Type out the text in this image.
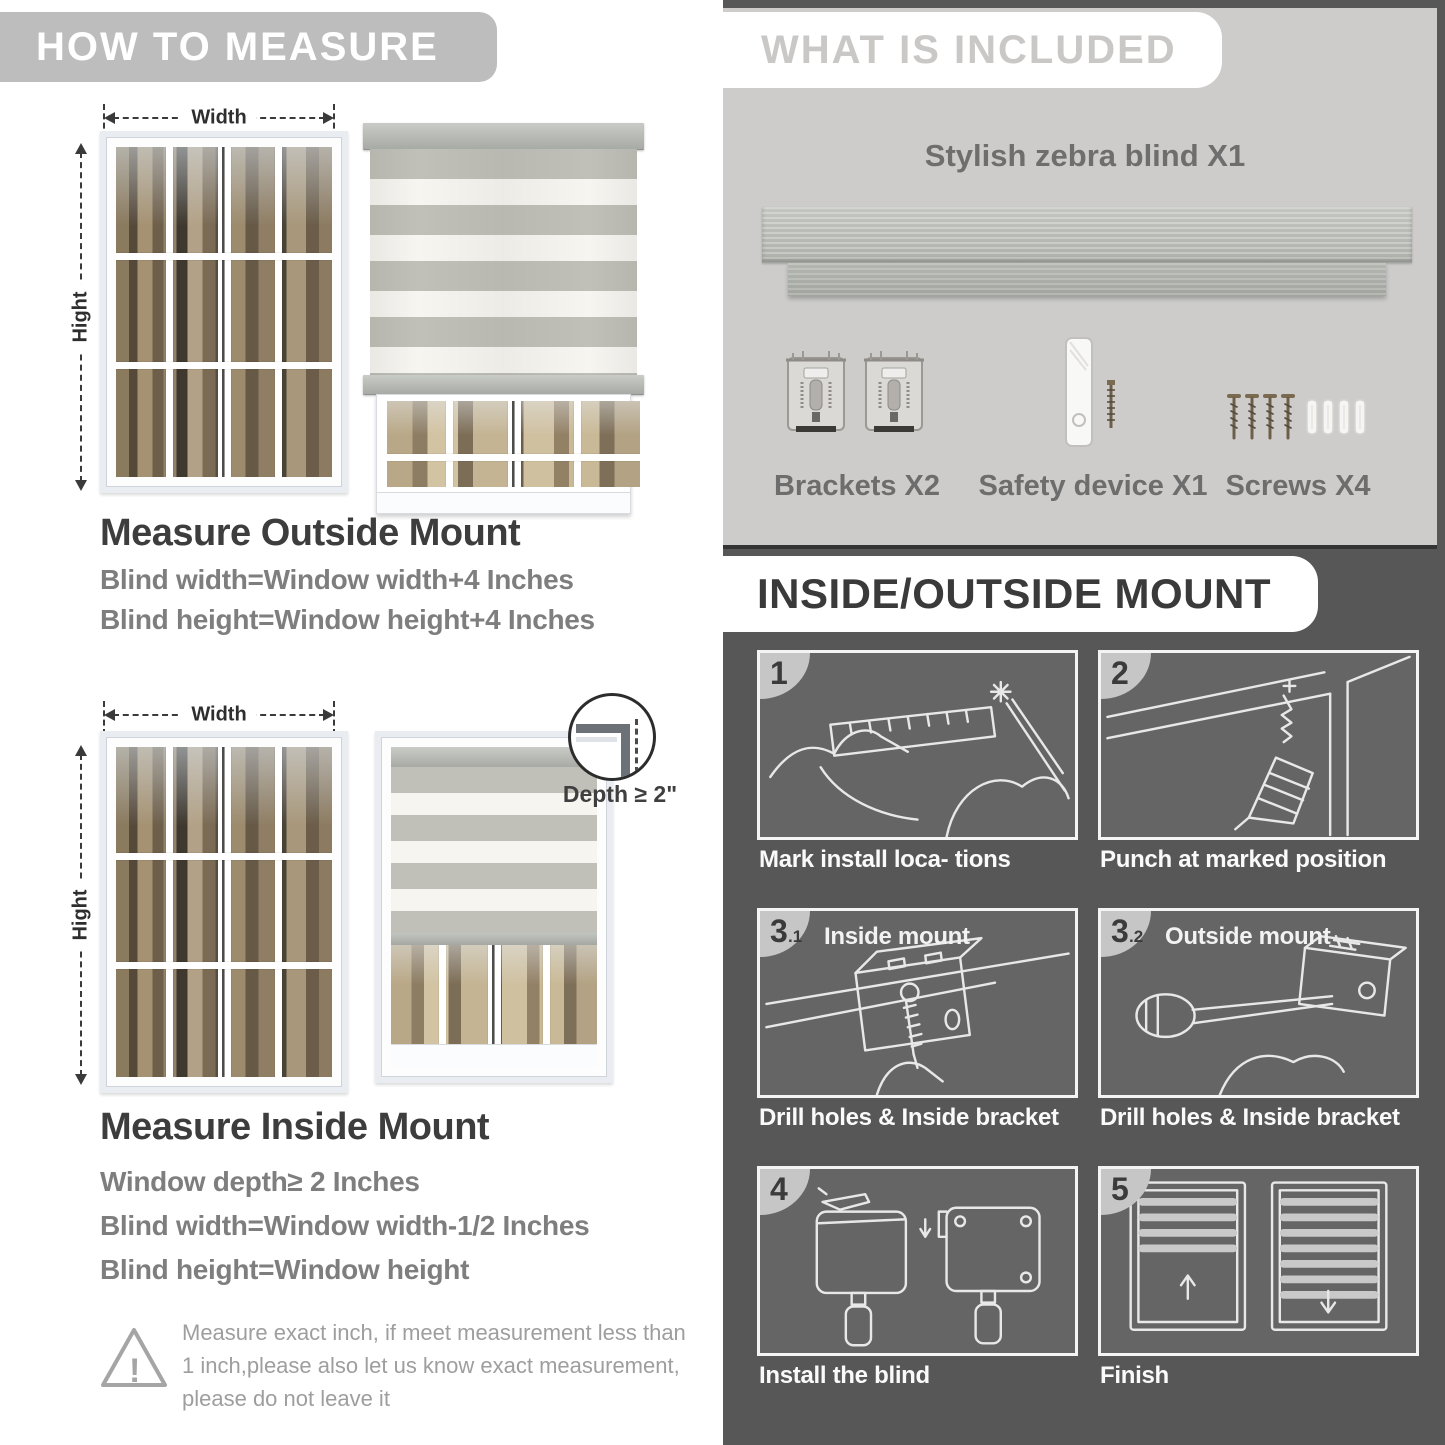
HOW TO MEASURE
Width
Hight
Measure Outside Mount
Blind width=Window width+4 Inches
Blind height=Window height+4 Inches
Width
Hight
Depth ≥ 2"
Measure Inside Mount
Window depth≥ 2 Inches
Blind width=Window width-1/2 Inches
Blind height=Window height
!
Measure exact inch, if meet measurement less than 1 inch,please also let us know exact measurement, please do not leave it
WHAT IS INCLUDED
Stylish zebra blind X1
Brackets X2	Safety device X1 Screws X4
INSIDE/OUTSIDE MOUNT
1
Mark install loca- tions
2
Punch at marked position
3 .1 Inside mount
Drill holes & Inside bracket
3 .2 Outside mount
Drill holes & Inside bracket
4
Install the blind
5
Finish
